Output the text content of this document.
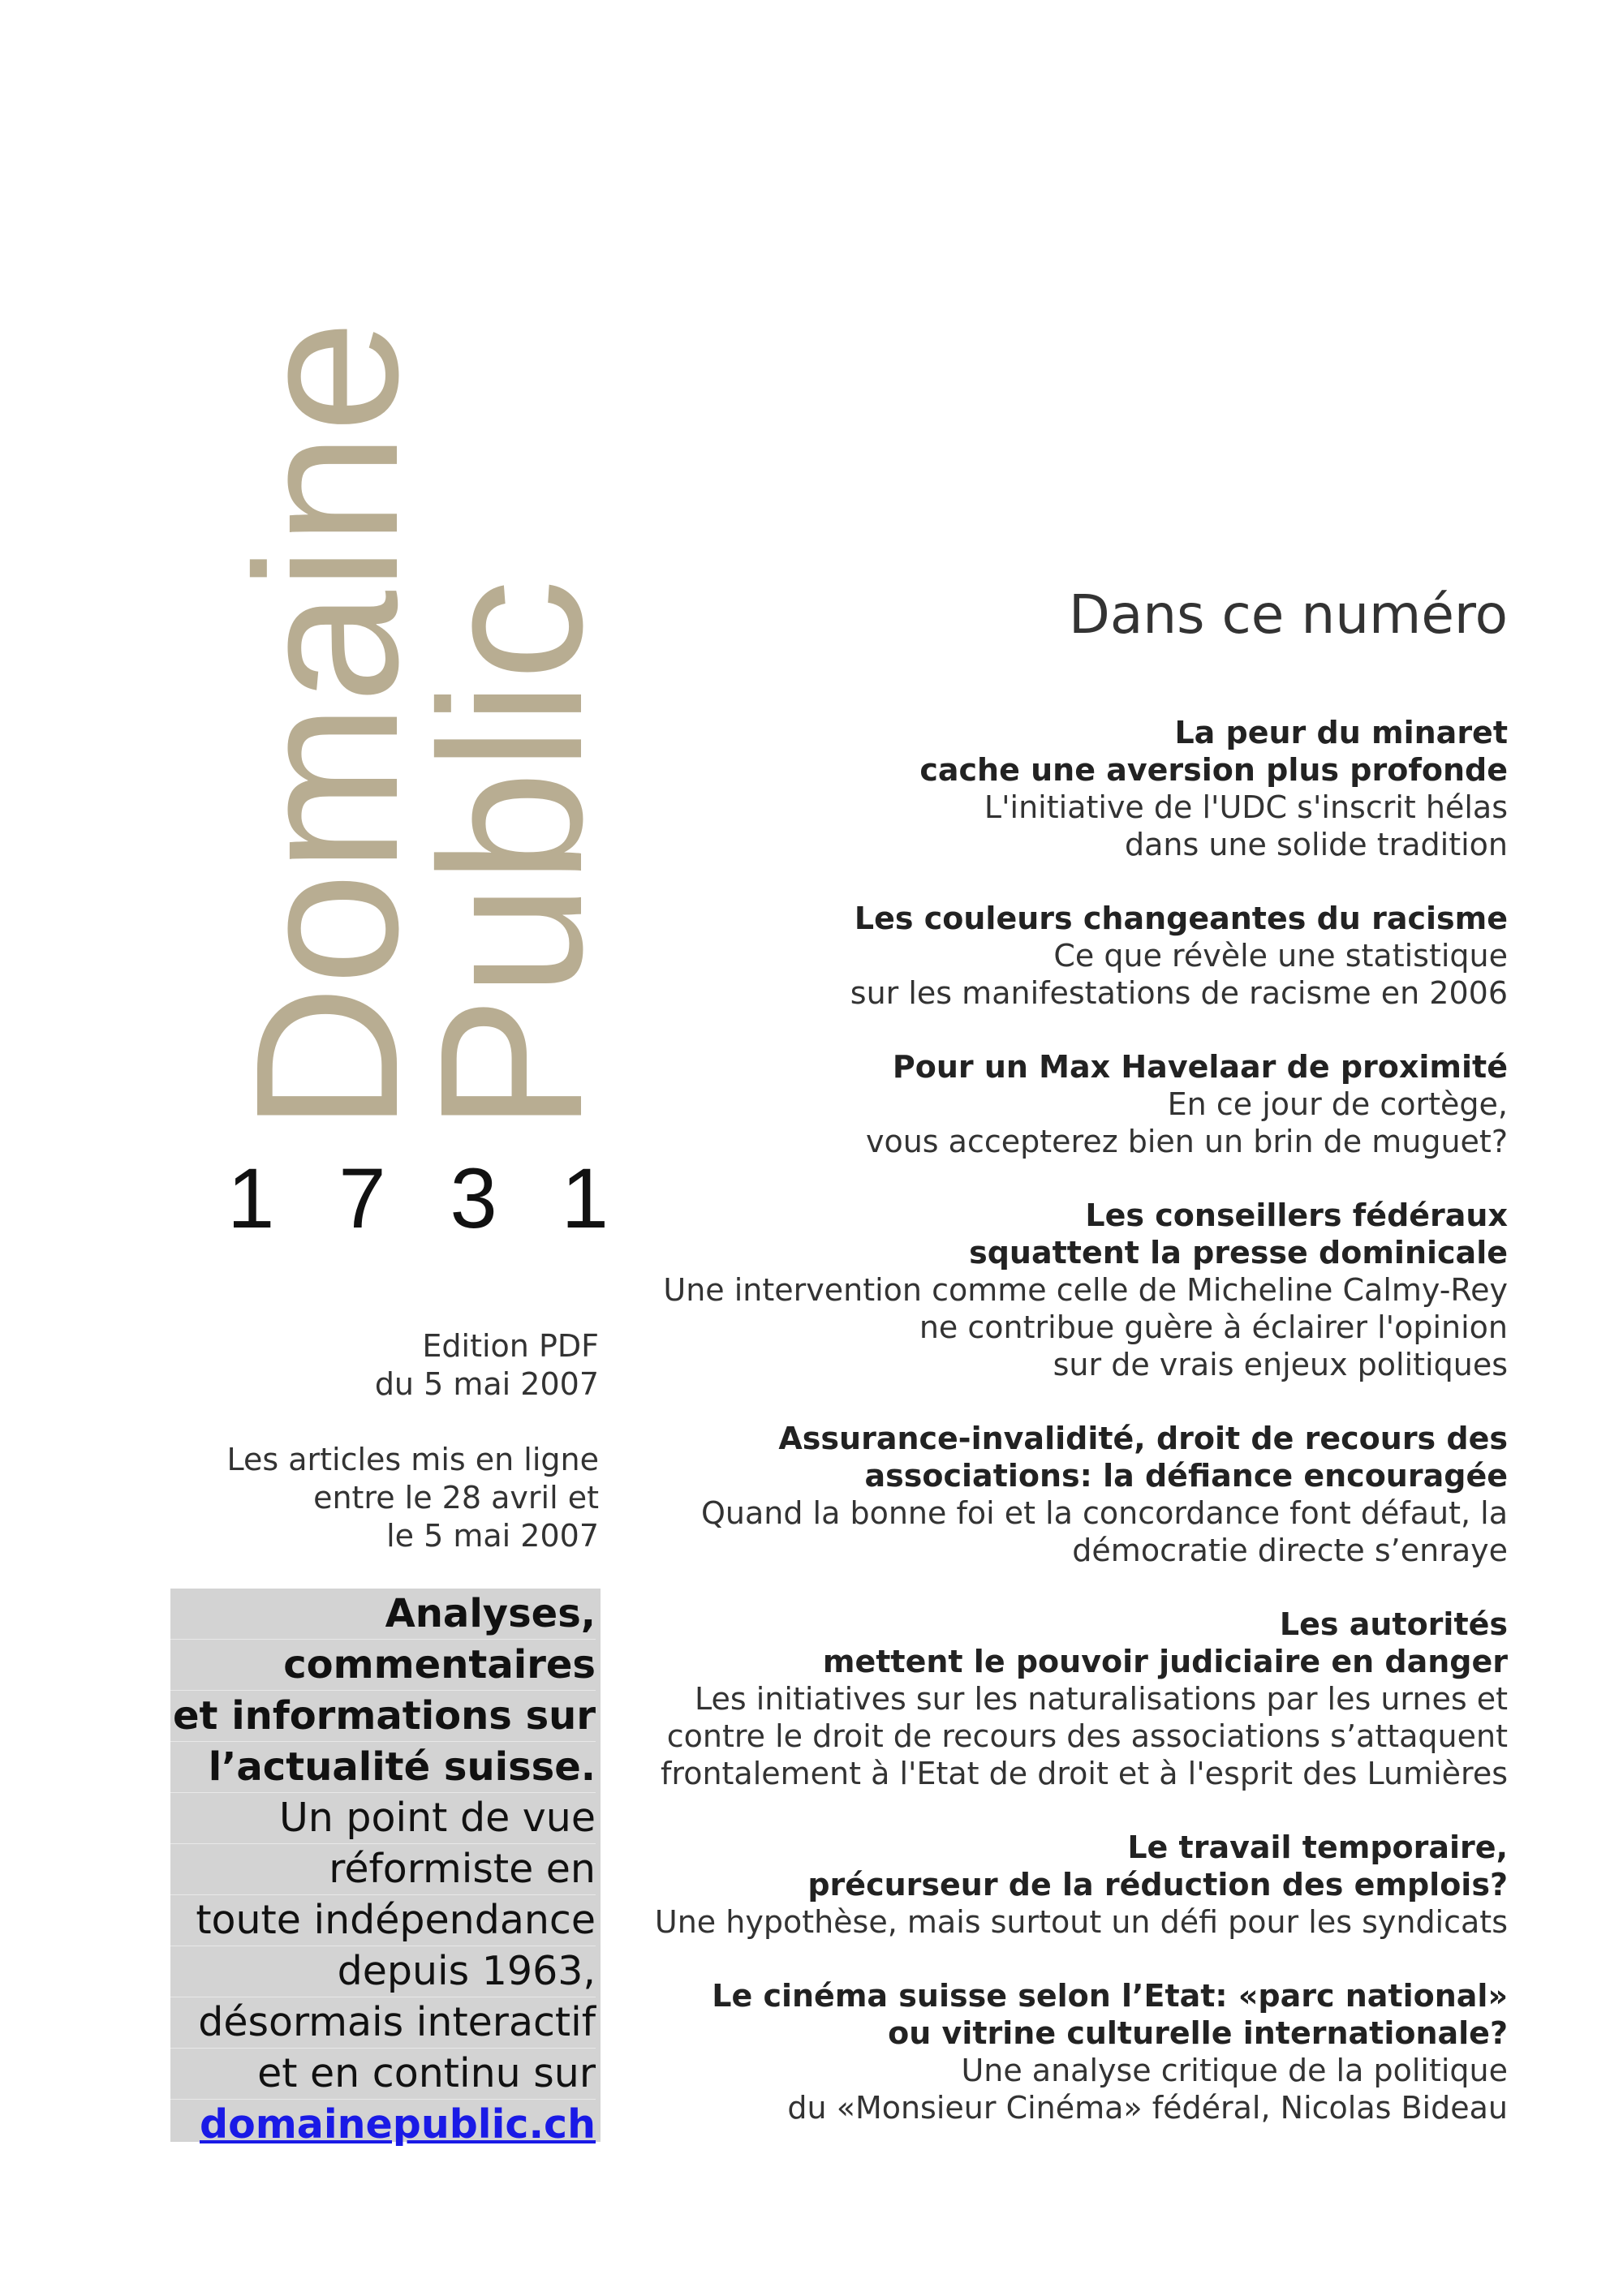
Domaine
Public
1 7 3 1
Edition PDF
du 5 mai 2007
Les articles mis en ligne
entre le 28 avril et
le 5 mai 2007
Analyses,
commentaires
et informations sur
l’actualité suisse.
Un point de vue
réformiste en
toute indépendance
depuis 1963,
désormais interactif
et en continu sur
domainepublic.ch
Dans ce numéro
La peur du minaret
cache une aversion plus profonde
L'initiative de l'UDC s'inscrit hélas
dans une solide tradition
Les couleurs changeantes du racisme
Ce que révèle une statistique
sur les manifestations de racisme en 2006
Pour un Max Havelaar de proximité
En ce jour de cortège,
vous accepterez bien un brin de muguet?
Les conseillers fédéraux
squattent la presse dominicale
Une intervention comme celle de Micheline Calmy-Rey
ne contribue guère à éclairer l'opinion
sur de vrais enjeux politiques
Assurance-invalidité, droit de recours des
associations: la défiance encouragée
Quand la bonne foi et la concordance font défaut, la
démocratie directe s’enraye
Les autorités
mettent le pouvoir judiciaire en danger
Les initiatives sur les naturalisations par les urnes et
contre le droit de recours des associations s’attaquent
frontalement à l'Etat de droit et à l'esprit des Lumières
Le travail temporaire,
précurseur de la réduction des emplois?
Une hypothèse, mais surtout un défi pour les syndicats
Le cinéma suisse selon l’Etat: «parc national»
ou vitrine culturelle internationale?
Une analyse critique de la politique
du «Monsieur Cinéma» fédéral, Nicolas Bideau
